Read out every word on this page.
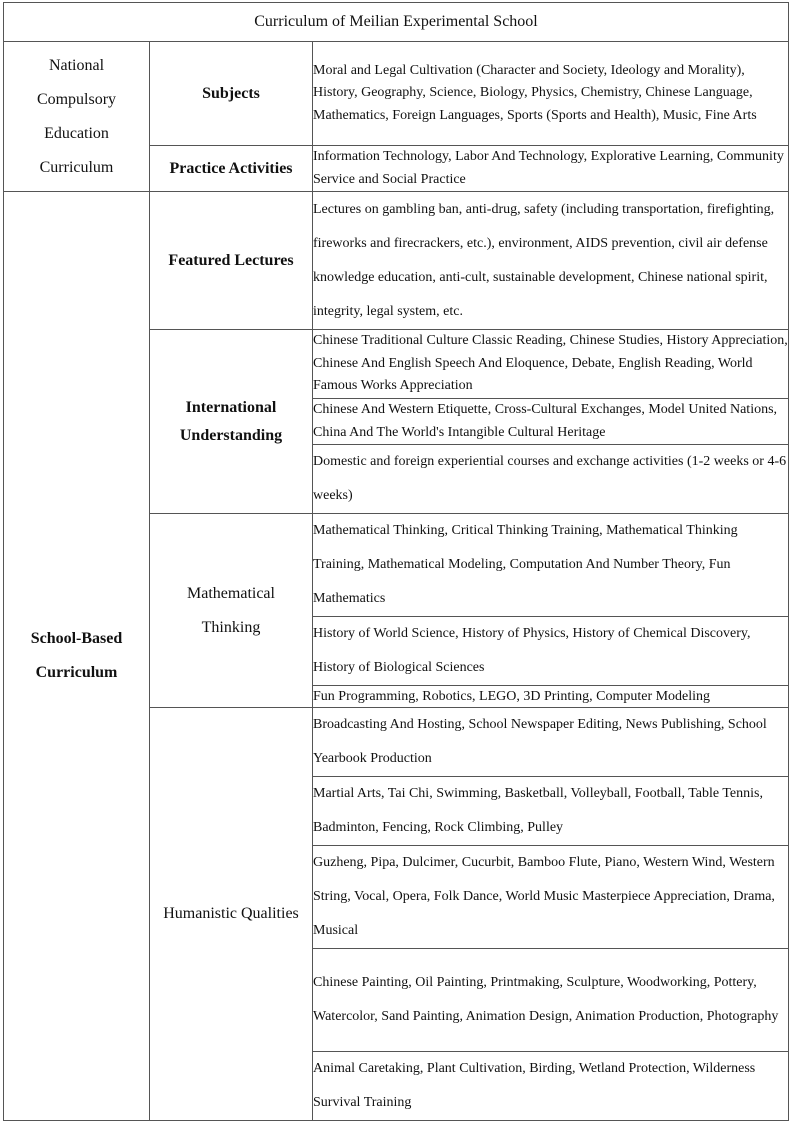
Curriculum of Meilian Experimental School		
National Compulsory Education Curriculum	Subjects	Moral and Legal Cultivation (Character and Society, Ideology and Morality), History, Geography, Science, Biology, Physics, Chemistry, Chinese Language, Mathematics, Foreign Languages, Sports (Sports and Health), Music, Fine Arts
	Practice Activities	Information Technology, Labor And Technology, Explorative Learning, Community Service and Social Practice
School-Based Curriculum	Featured Lectures	Lectures on gambling ban, anti-drug, safety (including transportation, firefighting, fireworks and firecrackers, etc.), environment, AIDS prevention, civil air defense knowledge education, anti-cult, sustainable development, Chinese national spirit, integrity, legal system, etc.
	International Understanding	Chinese Traditional Culture Classic Reading, Chinese Studies, History Appreciation, Chinese And English Speech And Eloquence, Debate, English Reading, World Famous Works Appreciation
		Chinese And Western Etiquette, Cross-Cultural Exchanges, Model United Nations, China And The World's Intangible Cultural Heritage
		Domestic and foreign experiential courses and exchange activities (1-2 weeks or 4-6 weeks)
	Mathematical Thinking	Mathematical Thinking, Critical Thinking Training, Mathematical Thinking Training, Mathematical Modeling, Computation And Number Theory, Fun Mathematics
		History of World Science, History of Physics, History of Chemical Discovery, History of Biological Sciences
		Fun Programming, Robotics, LEGO, 3D Printing, Computer Modeling
	Humanistic Qualities	Broadcasting And Hosting, School Newspaper Editing, News Publishing, School Yearbook Production
		Martial Arts, Tai Chi, Swimming, Basketball, Volleyball, Football, Table Tennis, Badminton, Fencing, Rock Climbing, Pulley
		Guzheng, Pipa, Dulcimer, Cucurbit, Bamboo Flute, Piano, Western Wind, Western String, Vocal, Opera, Folk Dance, World Music Masterpiece Appreciation, Drama, Musical
		Chinese Painting, Oil Painting, Printmaking, Sculpture, Woodworking, Pottery, Watercolor, Sand Painting, Animation Design, Animation Production, Photography
		Animal Caretaking, Plant Cultivation, Birding, Wetland Protection, Wilderness Survival Training
